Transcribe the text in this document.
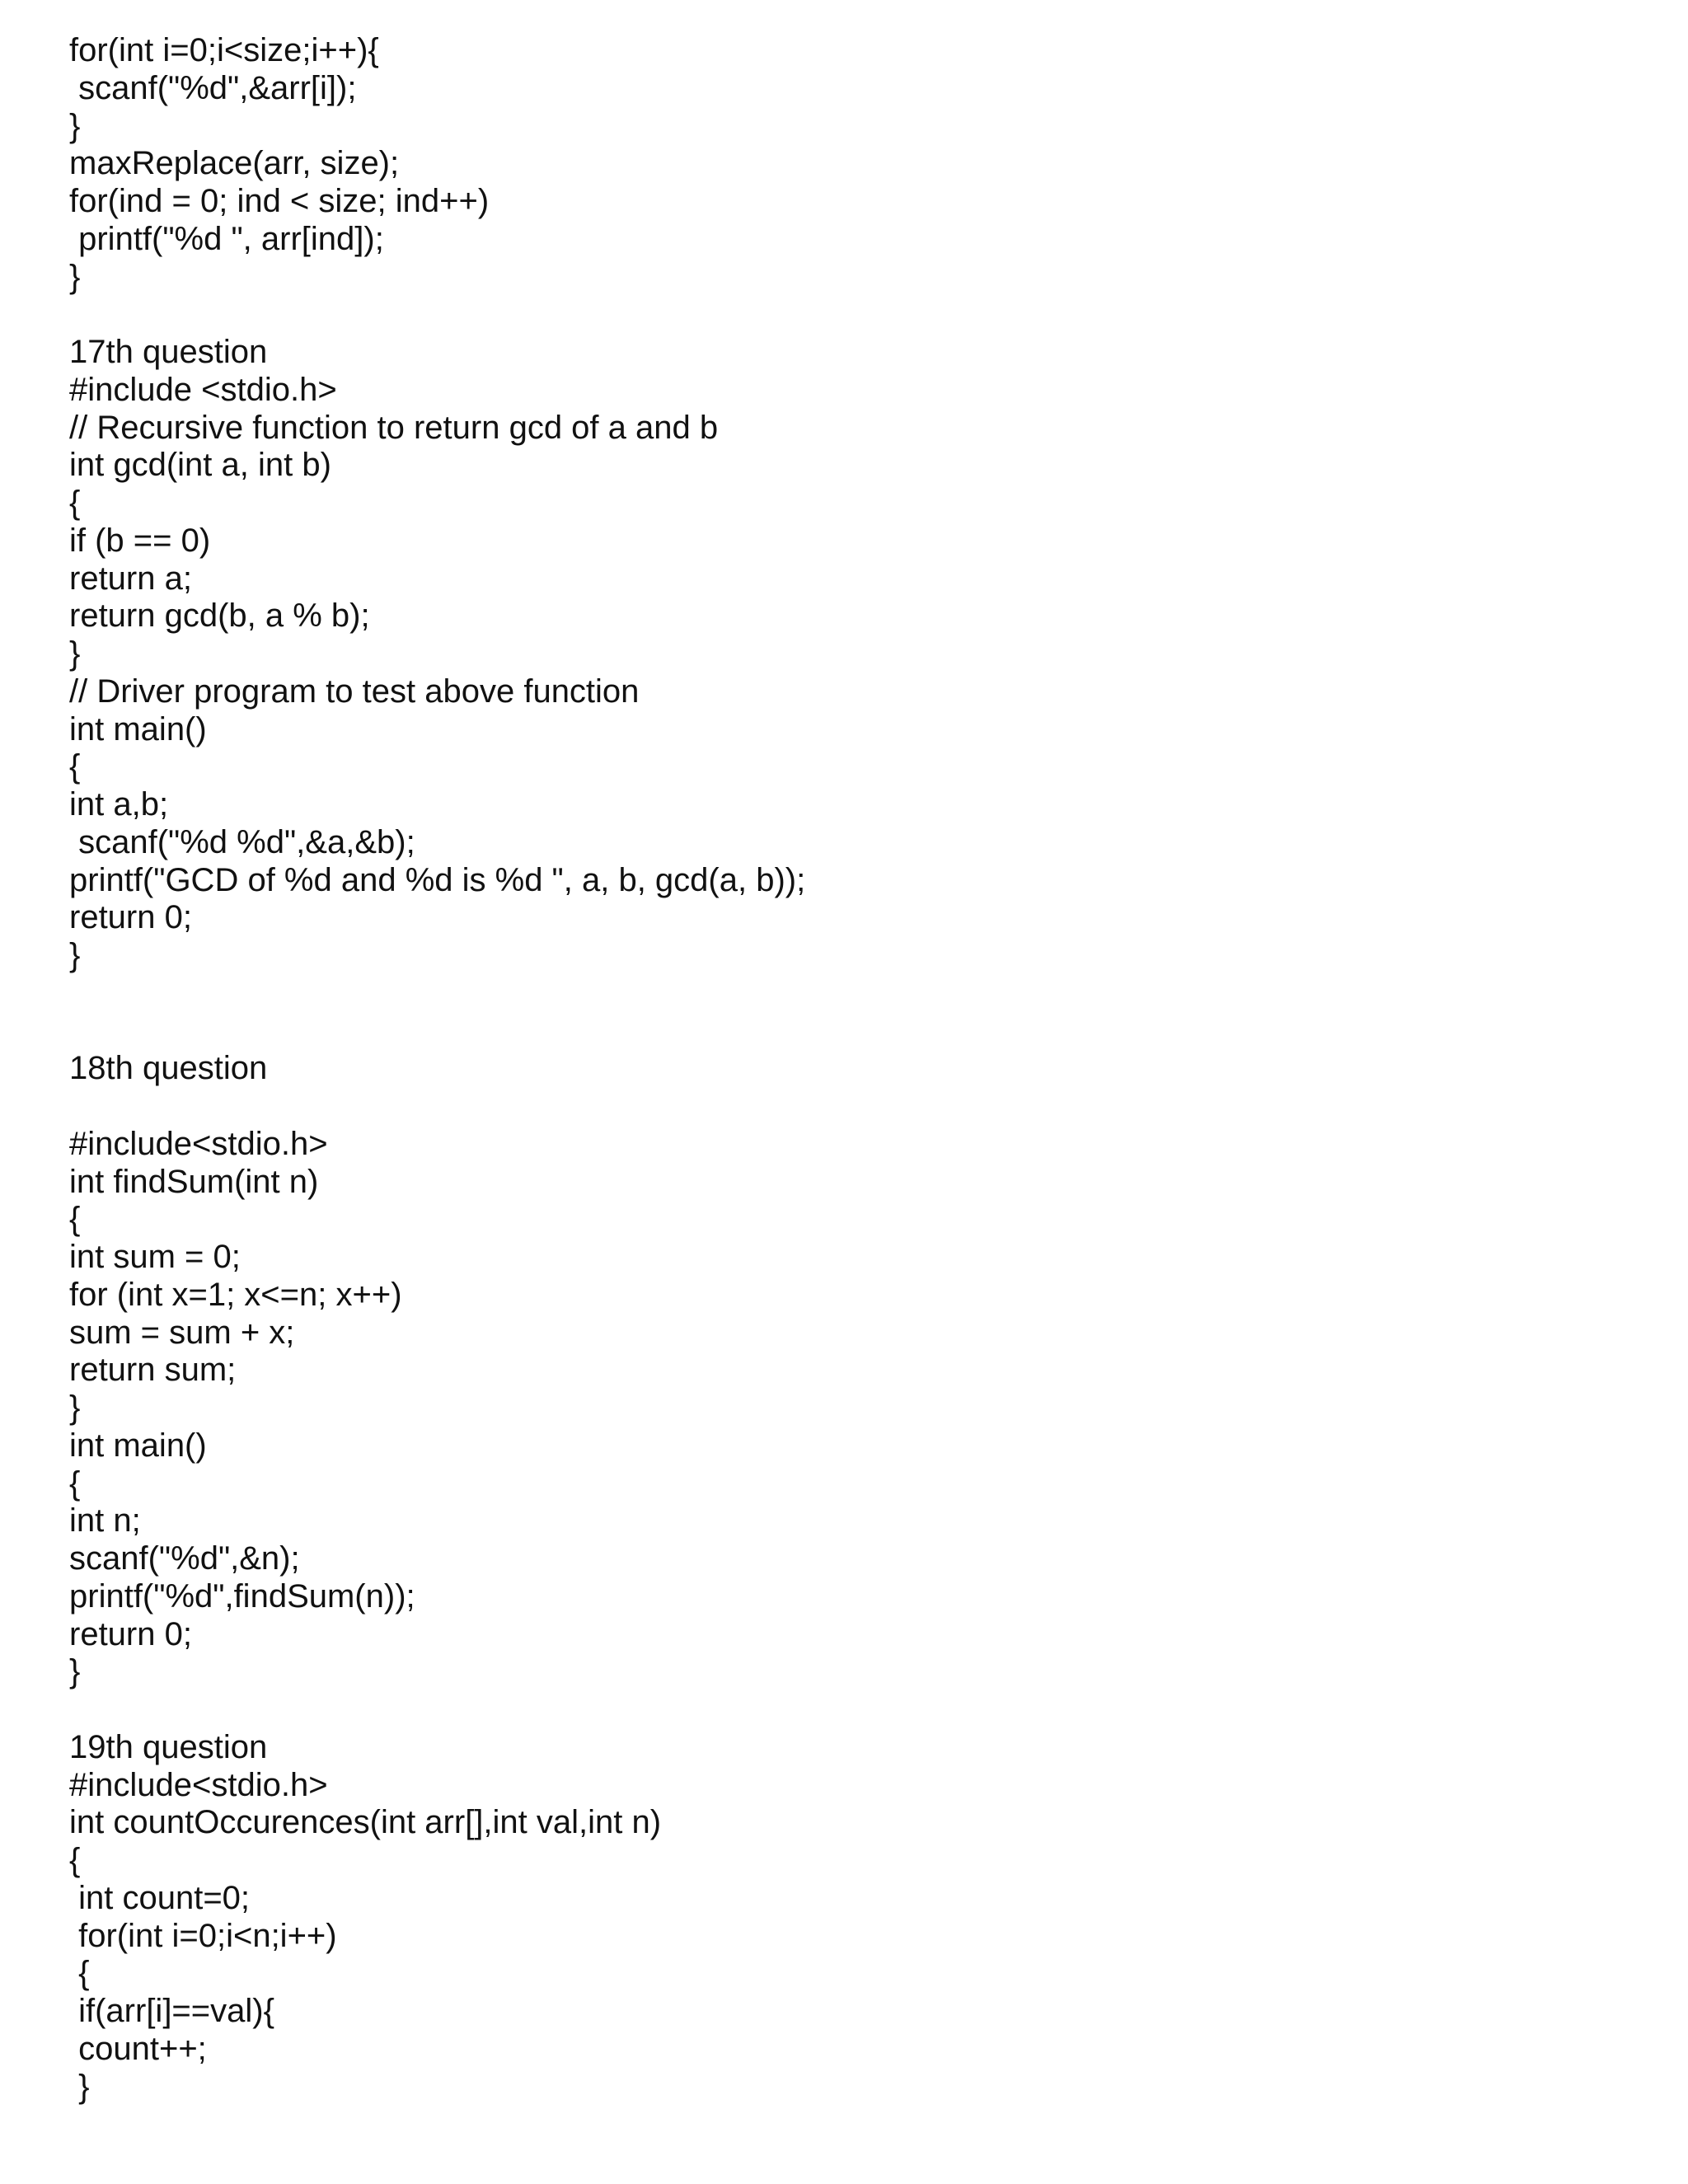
for(int i=0;i<size;i++){
scanf("%d",&arr[i]);
}
maxReplace(arr, size);
for(ind = 0; ind < size; ind++)
printf("%d ", arr[ind]);
}
17th question
#include <stdio.h>
// Recursive function to return gcd of a and b
int gcd(int a, int b)
{
if (b == 0)
return a;
return gcd(b, a % b);
}
// Driver program to test above function
int main()
{
int a,b;
scanf("%d %d",&a,&b);
printf("GCD of %d and %d is %d ", a, b, gcd(a, b));
return 0;
}
18th question
#include<stdio.h>
int findSum(int n)
{
int sum = 0;
for (int x=1; x<=n; x++)
sum = sum + x;
return sum;
}
int main()
{
int n;
scanf("%d",&n);
printf("%d",findSum(n));
return 0;
}
19th question
#include<stdio.h>
int countOccurences(int arr[],int val,int n)
{
int count=0;
for(int i=0;i<n;i++)
{
if(arr[i]==val){
count++;
}
